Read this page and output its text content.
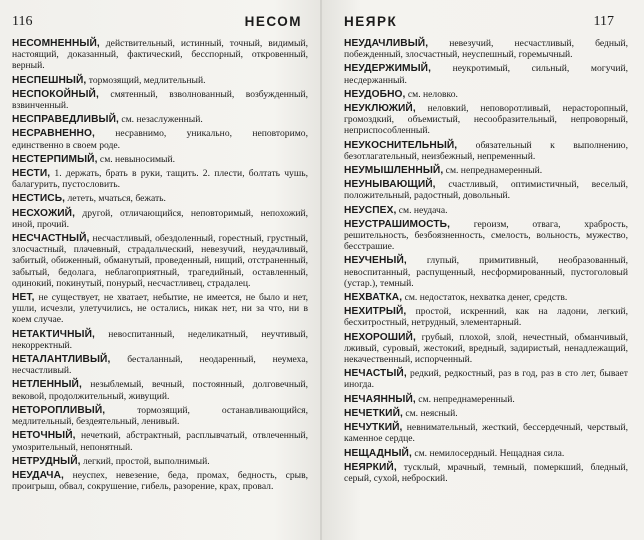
116	НЕСОМ

НЕСОМНЕННЫЙ, действительный, истинный, точный, видимый, настоящий, доказанный, фактический, бесспорный, откровенный, верный.

НЕСПЕШНЫЙ, тормозящий, медлительный.

НЕСПОКОЙНЫЙ, смятенный, взволнованный, возбужденный, взвинченный.

НЕСПРАВЕДЛИВЫЙ, см. незаслуженный.

НЕСРАВНЕННО, несравнимо, уникально, неповторимо, единственно в своем роде.

НЕСТЕРПИМЫЙ, см. невыносимый.

НЕСТИ, 1. держать, брать в руки, тащить. 2. плести, болтать чушь, балагурить, пустословить.

НЕСТИСЬ, лететь, мчаться, бежать.

НЕСХОЖИЙ, другой, отличающийся, неповторимый, непохожий, иной, прочий.

НЕСЧАСТНЫЙ, несчастливый, обездоленный, горестный, грустный, злосчастный, плачевный, страдальческий, невезучий, неудачливый, забитый, обиженный, обманутый, проведенный, нищий, отстраненный, забытый, бедолага, неблагоприятный, трагедийный, оставленный, одинокий, покинутый, понурый, несчастливец, страдалец.

НЕТ, не существует, не хватает, небытие, не имеется, не было и нет, ушли, исчезли, улетучились, не остались, никак нет, ни за что, ни в коем случае.

НЕТАКТИЧНЫЙ, невоспитанный, неделикатный, неучтивый, некорректный.

НЕТАЛАНТЛИВЫЙ, бесталанный, неодаренный, неумеха, несчастливый.

НЕТЛЕННЫЙ, незыблемый, вечный, постоянный, долговечный, вековой, продолжительный, живущий.

НЕТОРОПЛИВЫЙ, тормозящий, останавливающийся, медлительный, бездеятельный, ленивый.

НЕТОЧНЫЙ, нечеткий, абстрактный, расплывчатый, отвлеченный, умозрительный, непонятный.

НЕТРУДНЫЙ, легкий, простой, выполнимый.

НЕУДАЧА, неуспех, невезение, беда, промах, бедность, срыв, проигрыш, обвал, сокрушение, гибель, разорение, крах, провал.

НЕЯРК	117

НЕУДАЧЛИВЫЙ, невезучий, несчастливый, бедный, побежденный, злосчастный, неуспешный, горемычный.

НЕУДЕРЖИМЫЙ, неукротимый, сильный, могучий, несдержанный.

НЕУДОБНО, см. неловко.

НЕУКЛЮЖИЙ, неловкий, неповоротливый, нерасторопный, громоздкий, объемистый, несообразительный, непроворный, неприспособленный.

НЕУКОСНИТЕЛЬНЫЙ, обязательный к выполнению, безотлагательный, неизбежный, непременный.

НЕУМЫШЛЕННЫЙ, см. непреднамеренный.

НЕУНЫВАЮЩИЙ, счастливый, оптимистичный, веселый, положительный, радостный, довольный.

НЕУСПЕХ, см. неудача.

НЕУСТРАШИМОСТЬ, героизм, отвага, храбрость, решительность, безбоязненность, смелость, вольность, мужество, бесстрашие.

НЕУЧЕНЫЙ, глупый, примитивный, необразованный, невоспитанный, распущенный, несформированный, пустоголовый (устар.), темный.

НЕХВАТКА, см. недостаток, нехватка денег, средств.

НЕХИТРЫЙ, простой, искренний, как на ладони, легкий, бесхитростный, нетрудный, элементарный.

НЕХОРОШИЙ, грубый, плохой, злой, нечестный, обманчивый, лживый, суровый, жестокий, вредный, задиристый, ненадлежащий, некачественный, испорченный.

НЕЧАСТЫЙ, редкий, редкостный, раз в год, раз в сто лет, бывает иногда.

НЕЧАЯННЫЙ, см. непреднамеренный.

НЕЧЕТКИЙ, см. неясный.

НЕЧУТКИЙ, невнимательный, жесткий, бессердечный, черствый, каменное сердце.

НЕЩАДНЫЙ, см. немилосердный. Нещадная сила.

НЕЯРКИЙ, тусклый, мрачный, темный, померкший, бледный, серый, сухой, неброский.
